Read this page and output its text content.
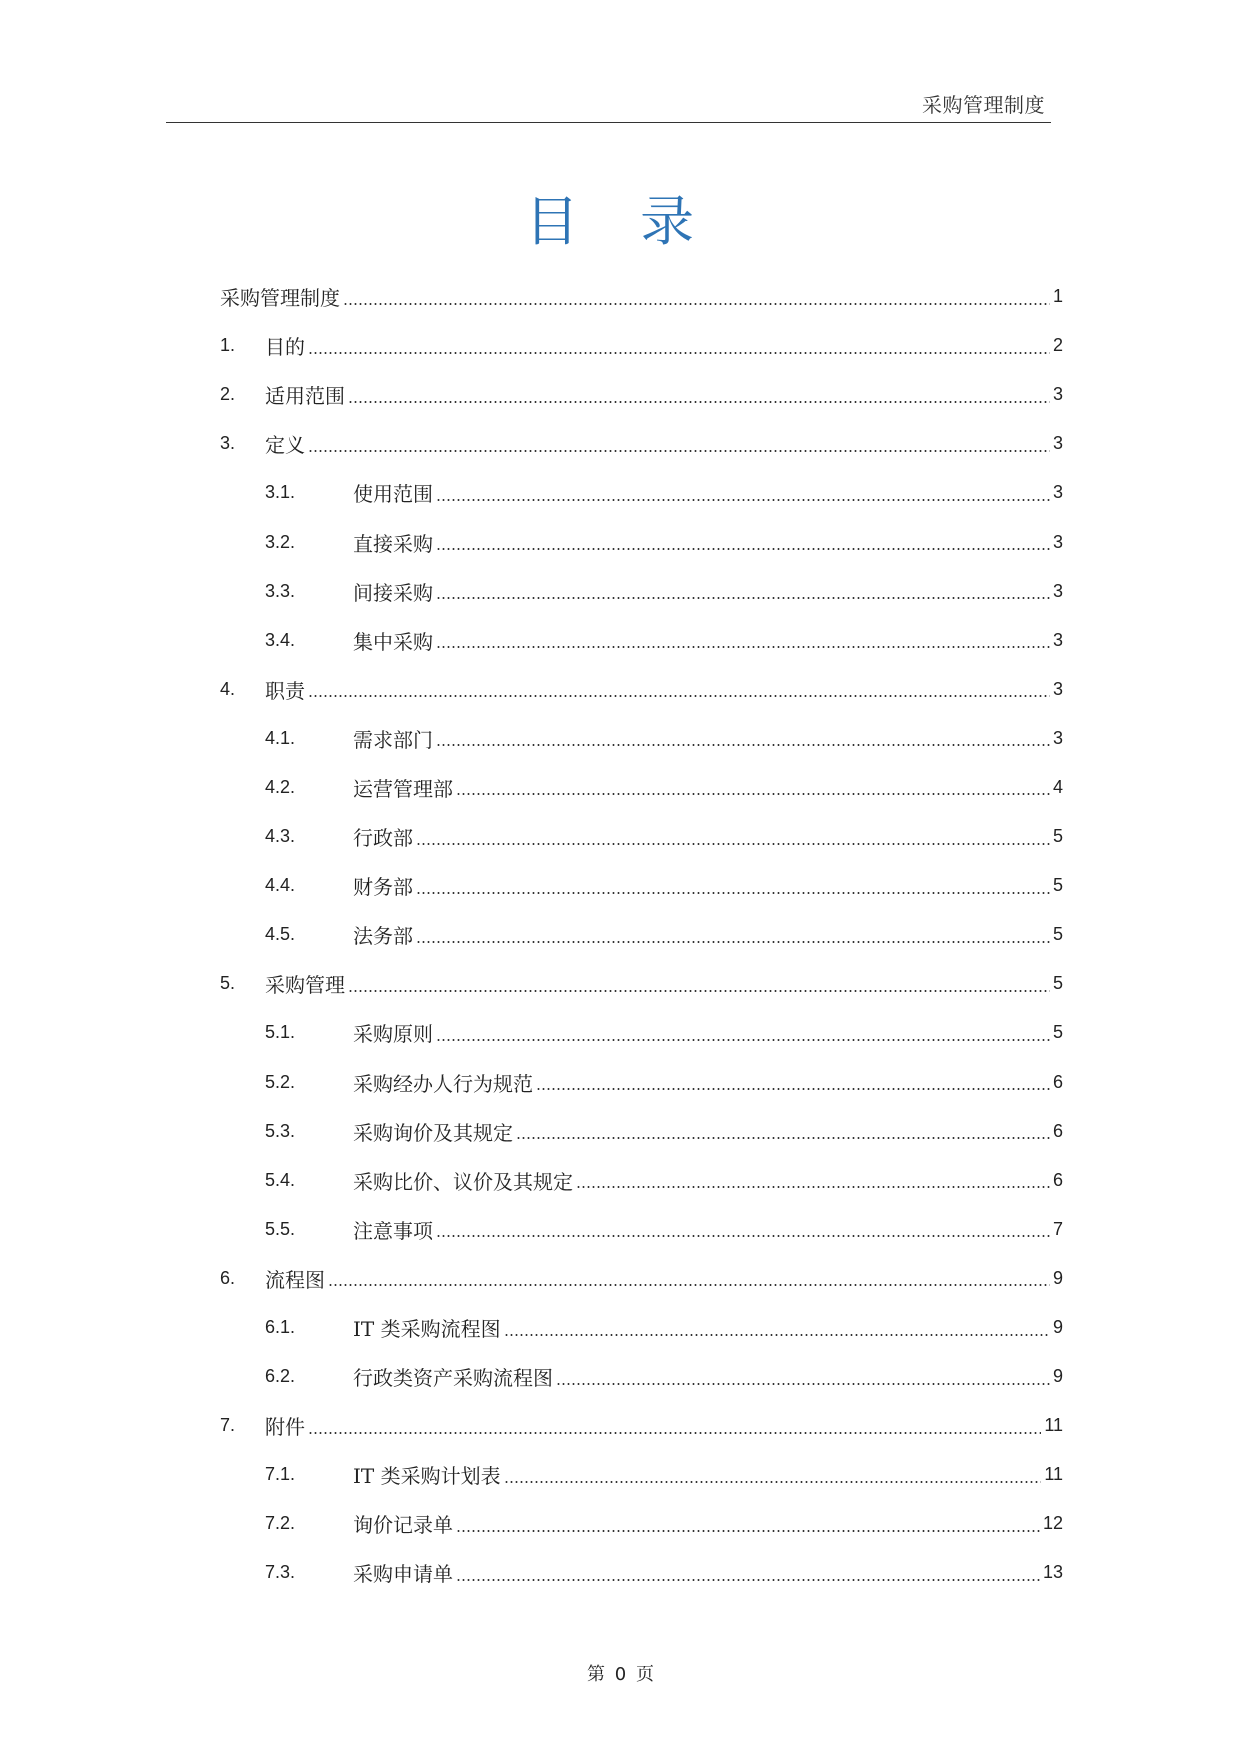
采购管理制度
目 录
采购管理制度	1
1.	目的	2
2.	适用范围	3
3.	定义	3
3.1.	使用范围	3
3.2.	直接采购	3
3.3.	间接采购	3
3.4.	集中采购	3
4.	职责	3
4.1.	需求部门	3
4.2.	运营管理部	4
4.3.	行政部	5
4.4.	财务部	5
4.5.	法务部	5
5.	采购管理	5
5.1.	采购原则	5
5.2.	采购经办人行为规范	6
5.3.	采购询价及其规定	6
5.4.	采购比价、议价及其规定	6
5.5.	注意事项	7
6.	流程图	9
6.1.	IT 类采购流程图	9
6.2.	行政类资产采购流程图	9
7.	附件	11
7.1.	IT 类采购计划表	11
7.2.	询价记录单	12
7.3.	采购申请单	13
第 0 页
